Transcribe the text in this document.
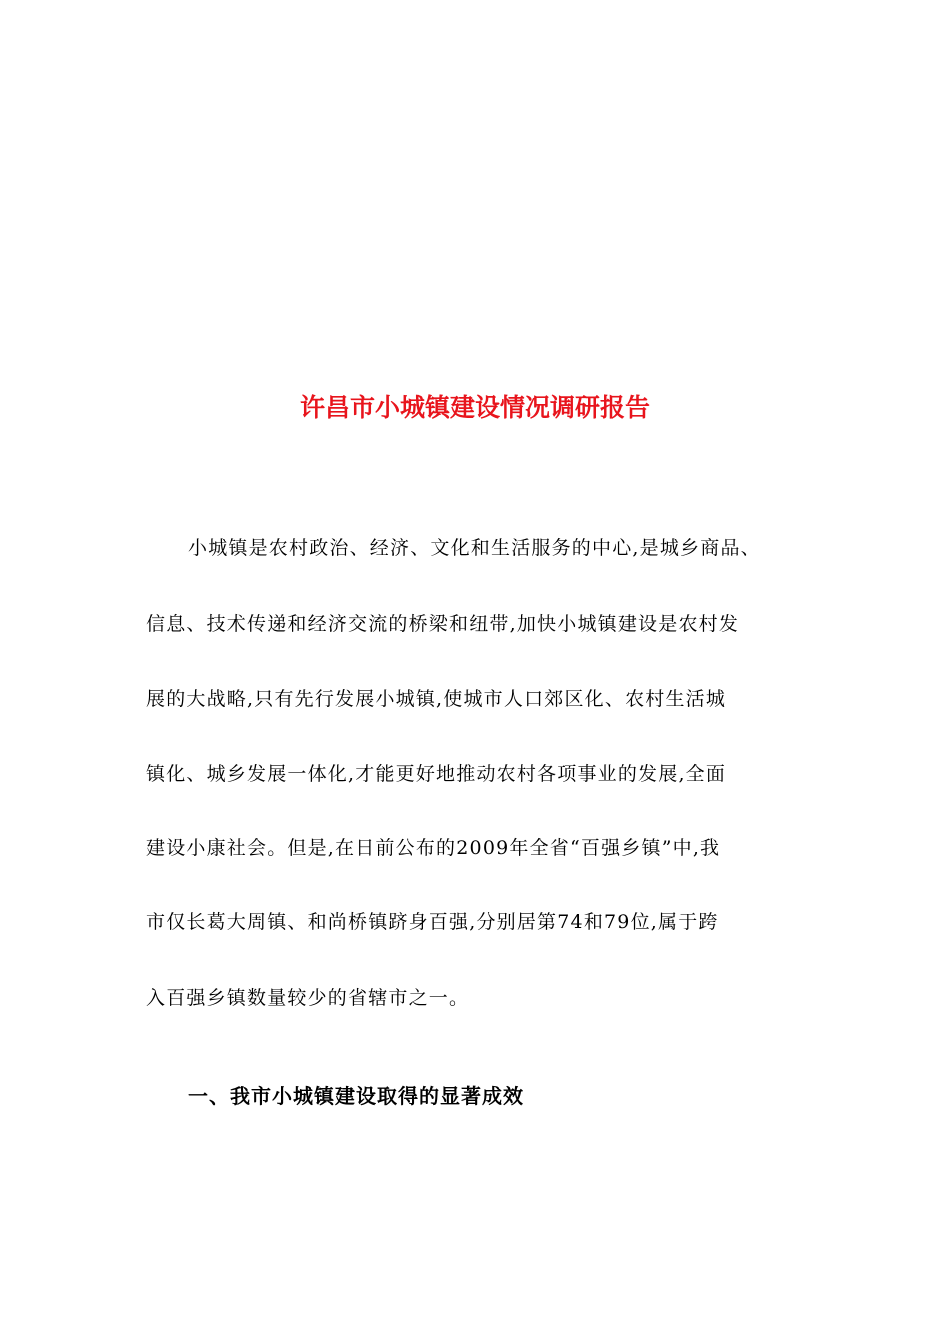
许昌市小城镇建设情况调研报告
小城镇是农村政治、经济、文化和生活服务的中心,是城乡商品、
信息、技术传递和经济交流的桥梁和纽带,加快小城镇建设是农村发
展的大战略,只有先行发展小城镇,使城市人口郊区化、农村生活城
镇化、城乡发展一体化,才能更好地推动农村各项事业的发展,全面
建设小康社会。但是,在日前公布的2009年全省“百强乡镇”中,我
市仅长葛大周镇、和尚桥镇跻身百强,分别居第74和79位,属于跨
入百强乡镇数量较少的省辖市之一。
一、我市小城镇建设取得的显著成效
